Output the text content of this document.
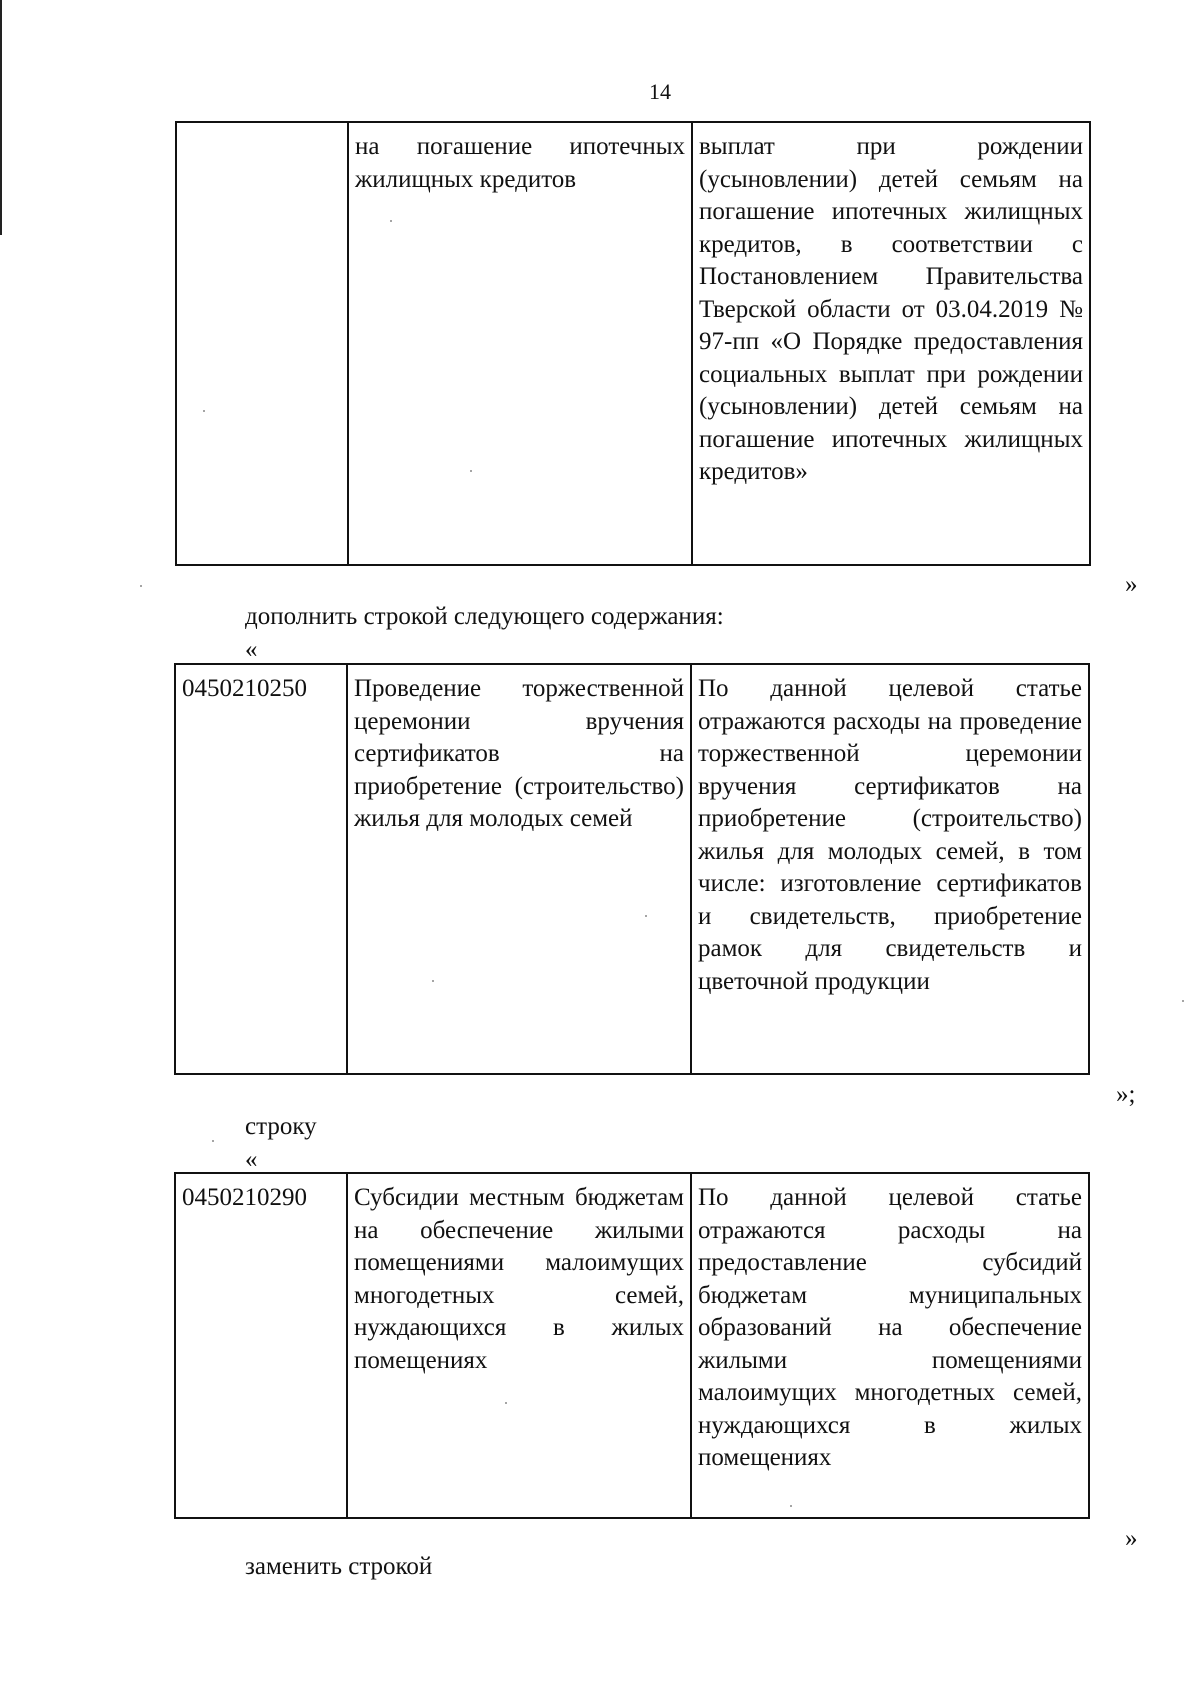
14
	на погашение ипотечных жилищных кредитов	выплат при рождении (усыновлении) детей семьям на погашение ипотечных жилищных кредитов, в соответствии с Постановлением Правительства Тверской области от 03.04.2019 № 97-пп «О Порядке предоставления социальных выплат при рождении (усыновлении) детей семьям на погашение ипотечных жилищных кредитов»
»
дополнить строкой следующего содержания:
«
0450210250	Проведение торжественной церемонии вручения сертификатов на приобретение (строительство) жилья для молодых семей	По данной целевой статье отражаются расходы на проведение торжественной церемонии вручения сертификатов на приобретение (строительство) жилья для молодых семей, в том числе: изготовление сертификатов и свидетельств, приобретение рамок для свидетельств и цветочной продукции
»;
строку
«
0450210290	Субсидии местным бюджетам на обеспечение жилыми помещениями малоимущих многодетных семей, нуждающихся в жилых помещениях	По данной целевой статье отражаются расходы на предоставление субсидий бюджетам муниципальных образований на обеспечение жилыми помещениями малоимущих многодетных семей, нуждающихся в жилых помещениях
»
заменить строкой
